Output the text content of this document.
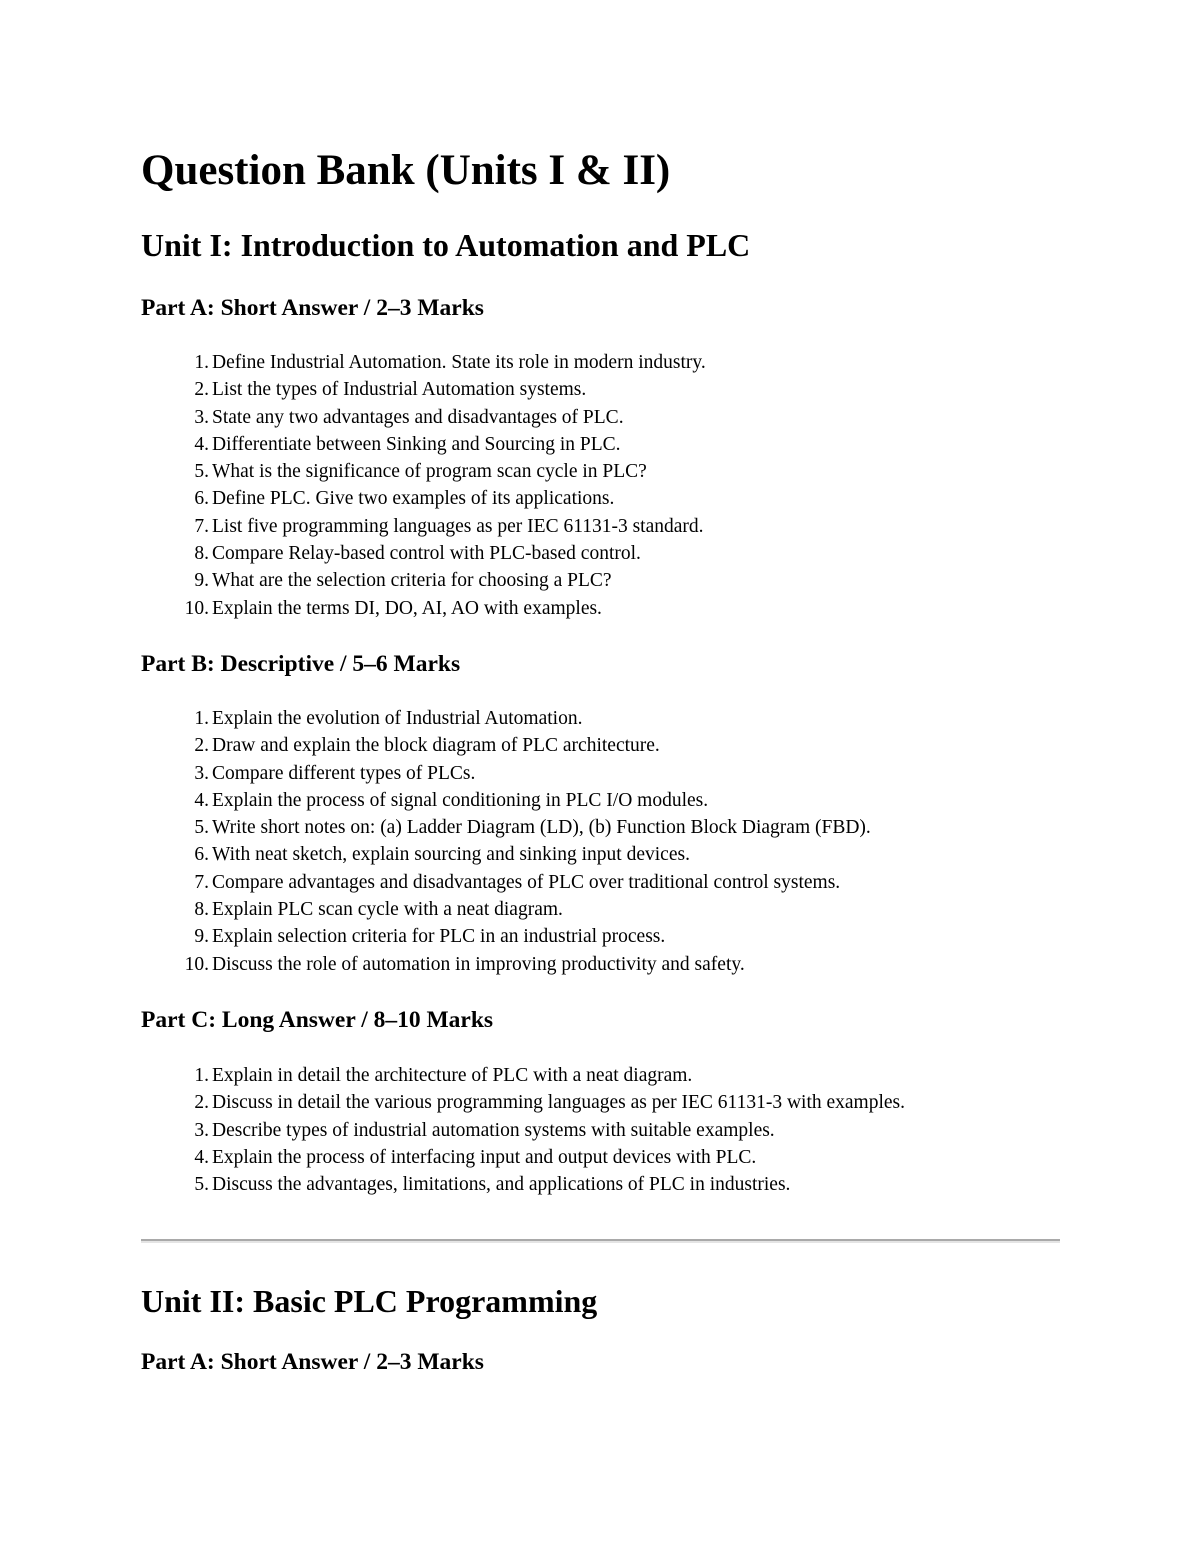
Question Bank (Units I & II)
Unit I: Introduction to Automation and PLC
Part A: Short Answer / 2–3 Marks
1. Define Industrial Automation. State its role in modern industry.
2. List the types of Industrial Automation systems.
3. State any two advantages and disadvantages of PLC.
4. Differentiate between Sinking and Sourcing in PLC.
5. What is the significance of program scan cycle in PLC?
6. Define PLC. Give two examples of its applications.
7. List five programming languages as per IEC 61131-3 standard.
8. Compare Relay-based control with PLC-based control.
9. What are the selection criteria for choosing a PLC?
10. Explain the terms DI, DO, AI, AO with examples.
Part B: Descriptive / 5–6 Marks
1. Explain the evolution of Industrial Automation.
2. Draw and explain the block diagram of PLC architecture.
3. Compare different types of PLCs.
4. Explain the process of signal conditioning in PLC I/O modules.
5. Write short notes on: (a) Ladder Diagram (LD), (b) Function Block Diagram (FBD).
6. With neat sketch, explain sourcing and sinking input devices.
7. Compare advantages and disadvantages of PLC over traditional control systems.
8. Explain PLC scan cycle with a neat diagram.
9. Explain selection criteria for PLC in an industrial process.
10. Discuss the role of automation in improving productivity and safety.
Part C: Long Answer / 8–10 Marks
1. Explain in detail the architecture of PLC with a neat diagram.
2. Discuss in detail the various programming languages as per IEC 61131-3 with examples.
3. Describe types of industrial automation systems with suitable examples.
4. Explain the process of interfacing input and output devices with PLC.
5. Discuss the advantages, limitations, and applications of PLC in industries.
Unit II: Basic PLC Programming
Part A: Short Answer / 2–3 Marks
